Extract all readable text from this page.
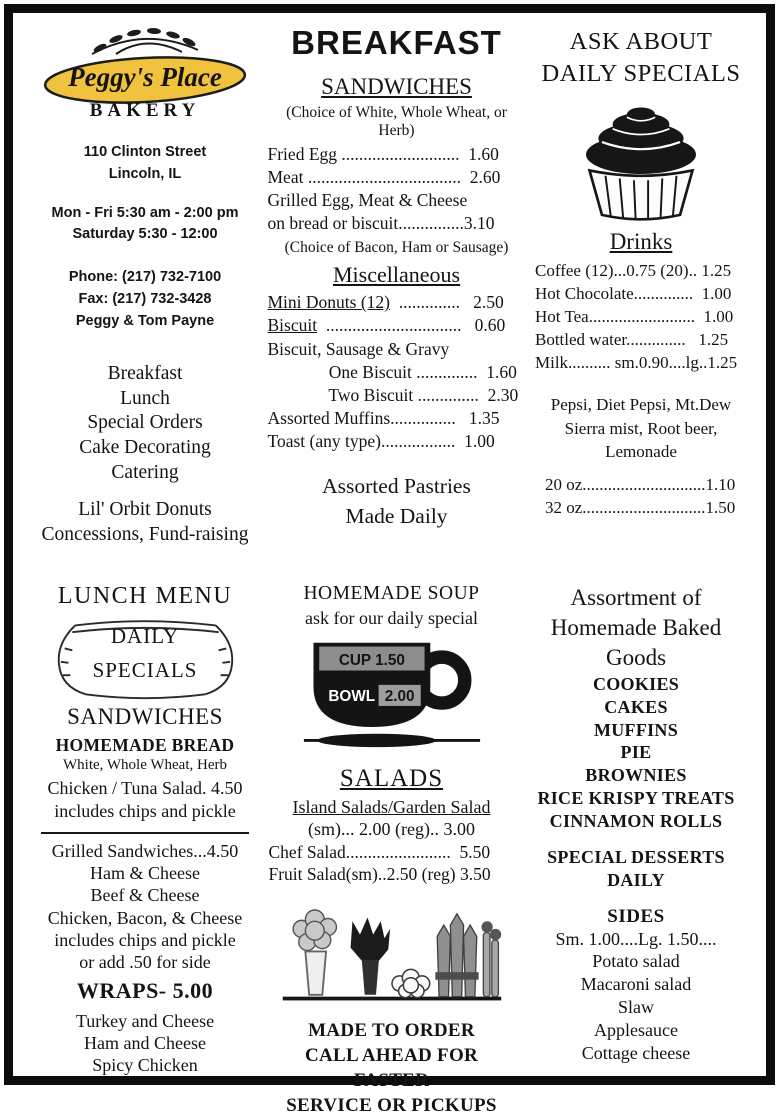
Peggy's Place
BAKERY
110 Clinton Street
Lincoln, IL
Mon - Fri 5:30 am - 2:00 pm
Saturday 5:30 - 12:00
Phone: (217) 732-7100
Fax: (217) 732-3428
Peggy & Tom Payne
Breakfast
Lunch
Special Orders
Cake Decorating
Catering
Lil' Orbit Donuts
Concessions, Fund-raising
BREAKFAST
SANDWICHES
(Choice of White, Whole Wheat, or Herb)
Fried Egg ...........................  1.60
Meat ...................................  2.60
Grilled Egg, Meat & Cheese
on bread or biscuit...............3.10
(Choice of Bacon, Ham or Sausage)
Miscellaneous
Mini Donuts (12)  ..............   2.50
Biscuit  ...............................   0.60
Biscuit, Sausage & Gravy
One Biscuit ..............  1.60
Two Biscuit ..............  2.30
Assorted Muffins...............   1.35
Toast (any type).................  1.00
Assorted Pastries
Made Daily
ASK ABOUT
DAILY SPECIALS
Drinks
Coffee (12)...0.75 (20).. 1.25
Hot Chocolate..............  1.00
Hot Tea.........................  1.00
Bottled water..............   1.25
Milk.......... sm.0.90....lg..1.25
Pepsi, Diet Pepsi, Mt.Dew
Sierra mist, Root beer,
Lemonade
20 oz.............................1.10
32 oz.............................1.50
LUNCH MENU
DAILY
SPECIALS
SANDWICHES
HOMEMADE BREAD
White, Whole Wheat, Herb
Chicken / Tuna Salad. 4.50
includes chips and pickle
Grilled Sandwiches...4.50
Ham & Cheese
Beef & Cheese
Chicken, Bacon, & Cheese
includes chips and pickle
or add .50 for side
WRAPS- 5.00
Turkey and Cheese
Ham and Cheese
Spicy Chicken
HOMEMADE SOUP
ask for our daily special
CUP 1.50
BOWL 2.00
SALADS
Island Salads/Garden Salad
(sm)... 2.00 (reg).. 3.00
Chef Salad........................  5.50
Fruit Salad(sm)..2.50 (reg) 3.50
MADE TO ORDER
CALL AHEAD FOR FASTER
SERVICE OR PICKUPS
Assortment of
Homemade Baked
Goods
COOKIES
CAKES
MUFFINS
PIE
BROWNIES
RICE KRISPY TREATS
CINNAMON ROLLS
SPECIAL DESSERTS
DAILY
SIDES
Sm. 1.00....Lg. 1.50....
Potato salad
Macaroni salad
Slaw
Applesauce
Cottage cheese
